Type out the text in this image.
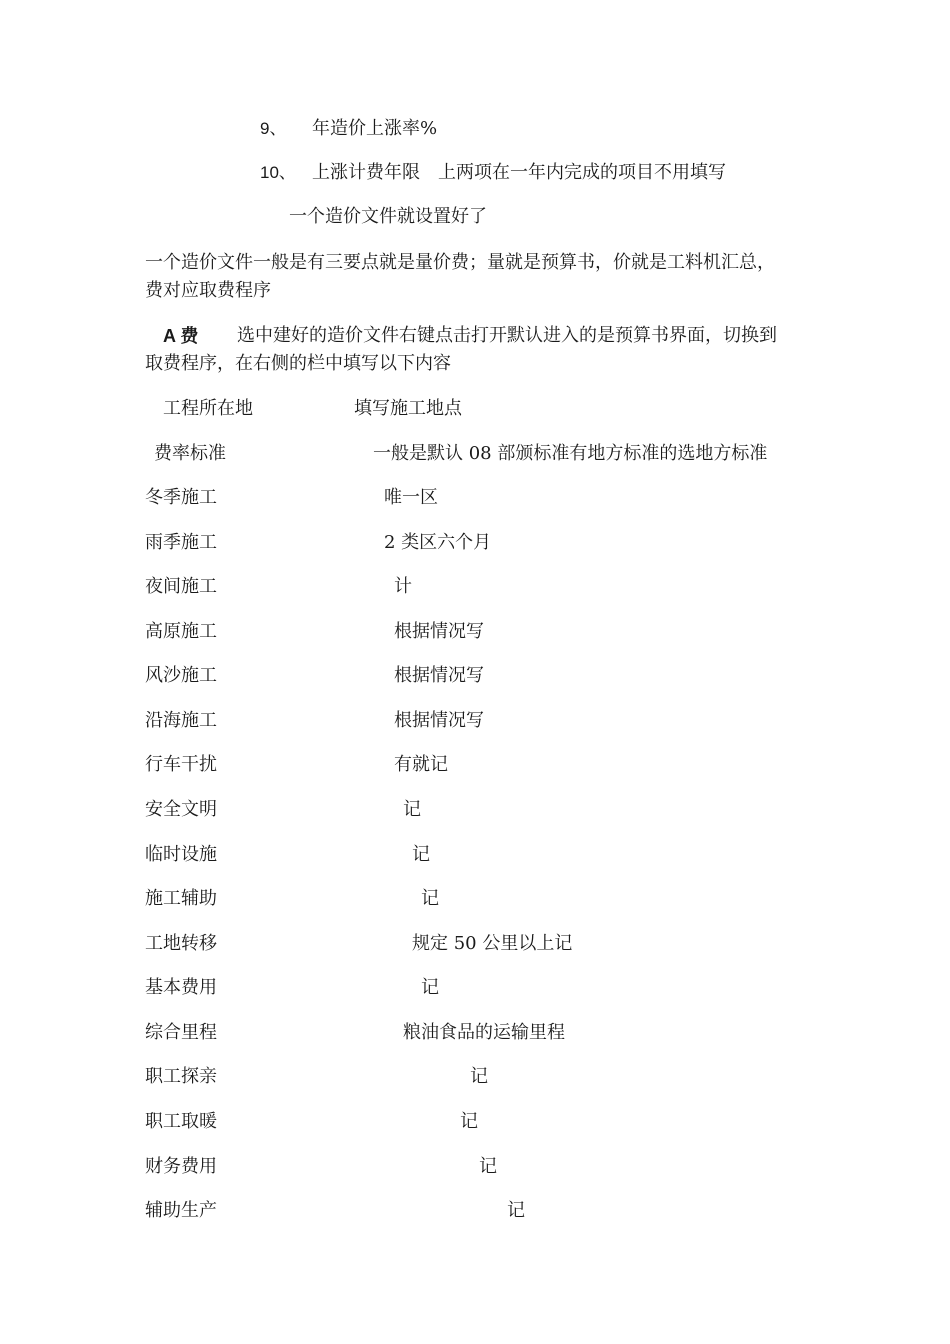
9、 年造价上涨率%
10、 上涨计费年限　上两项在一年内完成的项目不用填写
一个造价文件就设置好了
一个造价文件一般是有三要点就是量价费；量就是预算书，价就是工料机汇总，
费对应取费程序
A 费 选中建好的造价文件右键点击打开默认进入的是预算书界面，切换到
取费程序，在右侧的栏中填写以下内容
工程所在地	填写施工地点
费率标准	一般是默认 08 部颁标准有地方标准的选地方标准
冬季施工	唯一区
雨季施工	2 类区六个月
夜间施工	计
高原施工	根据情况写
风沙施工	根据情况写
沿海施工	根据情况写
行车干扰	有就记
安全文明	记
临时设施	记
施工辅助	记
工地转移	规定 50 公里以上记
基本费用	记
综合里程	粮油食品的运输里程
职工探亲	记
职工取暖	记
财务费用	记
辅助生产	记
